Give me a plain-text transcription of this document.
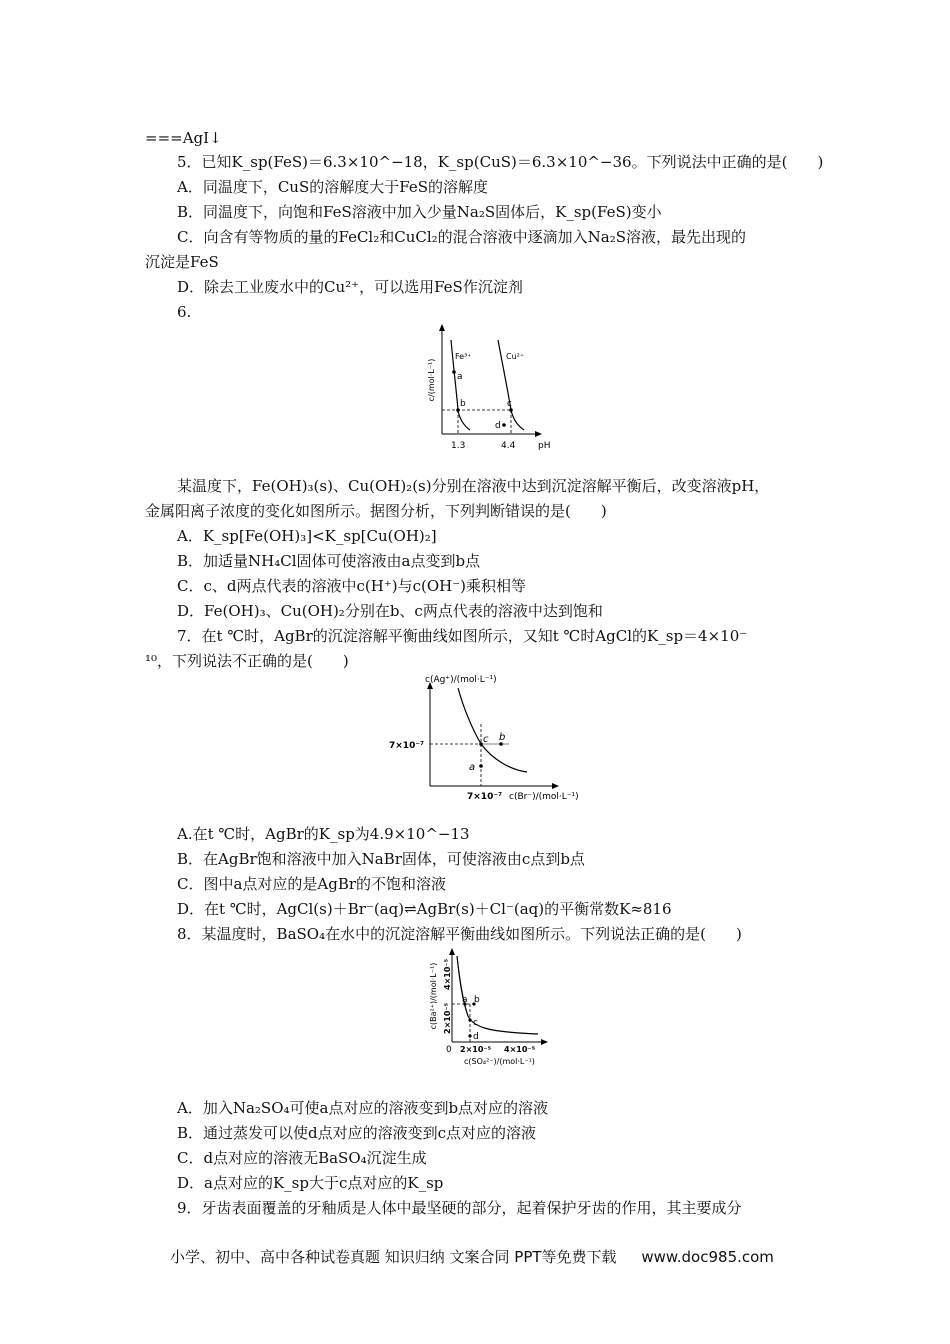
===AgI↓
5．已知K_sp(FeS)＝6.3×10^−18，K_sp(CuS)＝6.3×10^−36。下列说法中正确的是(　　)
A．同温度下，CuS的溶解度大于FeS的溶解度
B．同温度下，向饱和FeS溶液中加入少量Na₂S固体后，K_sp(FeS)变小
C．向含有等物质的量的FeCl₂和CuCl₂的混合溶液中逐滴加入Na₂S溶液，最先出现的
沉淀是FeS
D．除去工业废水中的Cu²⁺，可以选用FeS作沉淀剂
6.
Fe³⁺	Cu²⁺
a
b	c
d
1.3	4.4	pH
c/(mol·L⁻¹)
某温度下，Fe(OH)₃(s)、Cu(OH)₂(s)分别在溶液中达到沉淀溶解平衡后，改变溶液pH，
金属阳离子浓度的变化如图所示。据图分析，下列判断错误的是(　　)
A．K_sp[Fe(OH)₃]<K_sp[Cu(OH)₂]
B．加适量NH₄Cl固体可使溶液由a点变到b点
C．c、d两点代表的溶液中c(H⁺)与c(OH⁻)乘积相等
D．Fe(OH)₃、Cu(OH)₂分别在b、c两点代表的溶液中达到饱和
7．在t ℃时，AgBr的沉淀溶解平衡曲线如图所示，又知t ℃时AgCl的K_sp＝4×10⁻
¹⁰，下列说法不正确的是(　　)
c b
a
c(Ag⁺)/(mol·L⁻¹)
7×10⁻⁷
7×10⁻⁷ c(Br⁻)/(mol·L⁻¹)
A.在t ℃时，AgBr的K_sp为4.9×10^−13
B．在AgBr饱和溶液中加入NaBr固体，可使溶液由c点到b点
C．图中a点对应的是AgBr的不饱和溶液
D．在t ℃时，AgCl(s)＋Br⁻(aq)⇌AgBr(s)＋Cl⁻(aq)的平衡常数K≈816
8．某温度时，BaSO₄在水中的沉淀溶解平衡曲线如图所示。下列说法正确的是(　　)
a b
c
d
0 2×10⁻⁵ 4×10⁻⁵
2×10⁻⁵
4×10⁻⁵
c(Ba²⁺)/(mol·L⁻¹)
c(SO₄²⁻)/(mol·L⁻¹)
A．加入Na₂SO₄可使a点对应的溶液变到b点对应的溶液
B．通过蒸发可以使d点对应的溶液变到c点对应的溶液
C．d点对应的溶液无BaSO₄沉淀生成
D．a点对应的K_sp大于c点对应的K_sp
9．牙齿表面覆盖的牙釉质是人体中最坚硬的部分，起着保护牙齿的作用，其主要成分
小学、初中、高中各种试卷真题 知识归纳 文案合同 PPT等免费下载 www.doc985.com
